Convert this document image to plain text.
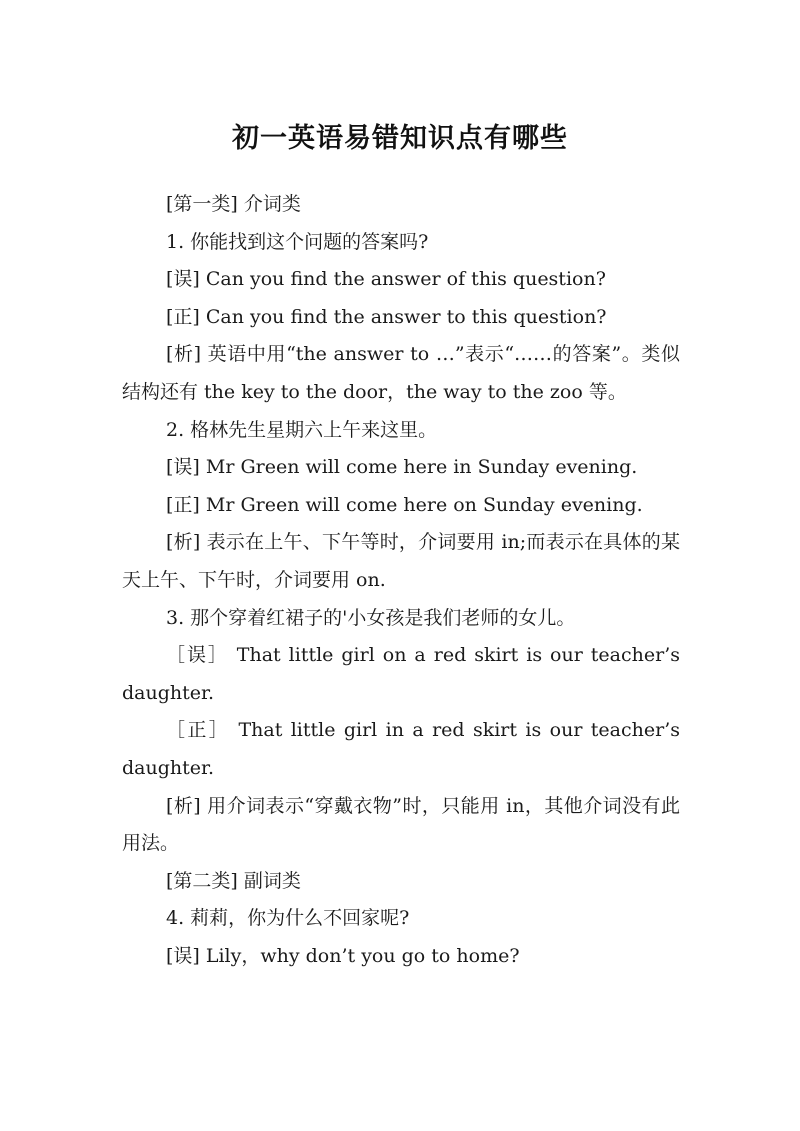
初一英语易错知识点有哪些

[第一类] 介词类

1. 你能找到这个问题的答案吗?

[误] Can you find the answer of this question?

[正] Can you find the answer to this question?

[析] 英语中用“the answer to …”表示“……的答案”。类似结构还有 the key to the door，the way to the zoo 等。

2. 格林先生星期六上午来这里。

[误] Mr Green will come here in Sunday evening.

[正] Mr Green will come here on Sunday evening.

[析] 表示在上午、下午等时，介词要用 in;而表示在具体的某天上午、下午时，介词要用 on.

3. 那个穿着红裙子的'小女孩是我们老师的女儿。

［误］ That little girl on a red skirt is our teacher’s daughter.

［正］ That little girl in a red skirt is our teacher’s daughter.

[析] 用介词表示“穿戴衣物”时，只能用 in，其他介词没有此用法。

[第二类] 副词类

4. 莉莉，你为什么不回家呢?

[误] Lily，why don’t you go to home?
